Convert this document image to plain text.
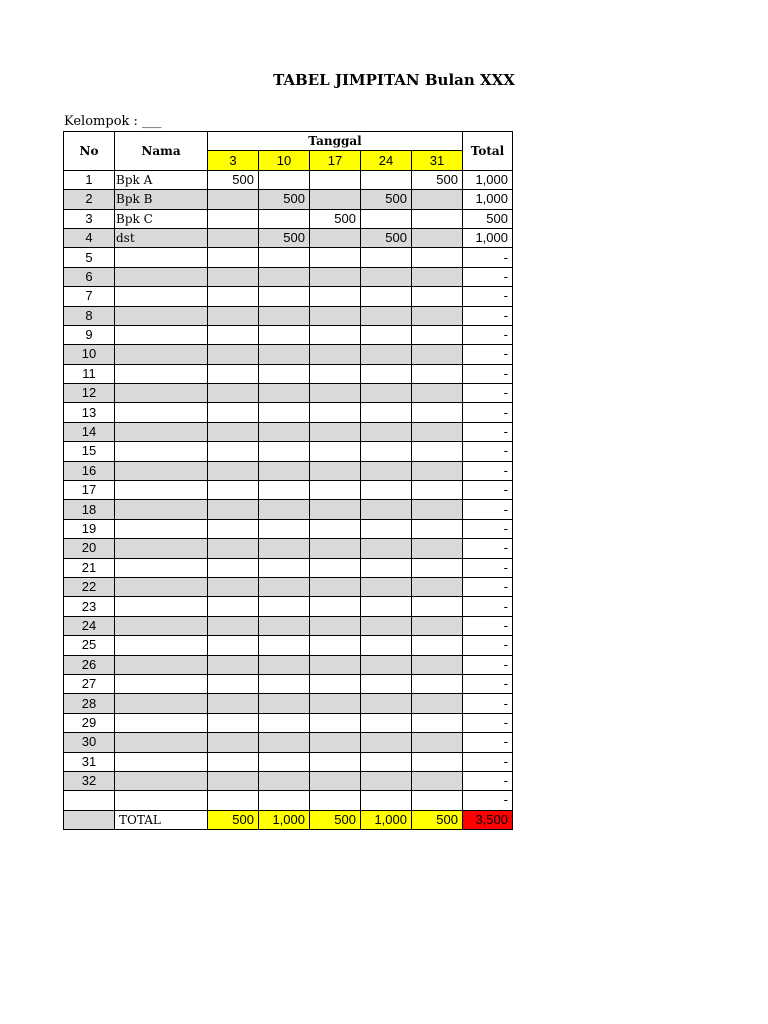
TABEL JIMPITAN Bulan XXX
Kelompok : ___
No	Nama	Tanggal					Total
		3	10	17	24	31	
1	Bpk A	500				500	1,000
2	Bpk B		500		500		1,000
3	Bpk C			500			500
4	dst		500		500		1,000
5							-
6							-
7							-
8							-
9							-
10							-
11							-
12							-
13							-
14							-
15							-
16							-
17							-
18							-
19							-
20							-
21							-
22							-
23							-
24							-
25							-
26							-
27							-
28							-
29							-
30							-
31							-
32							-
							-
	TOTAL	500	1,000	500	1,000	500	3,500
